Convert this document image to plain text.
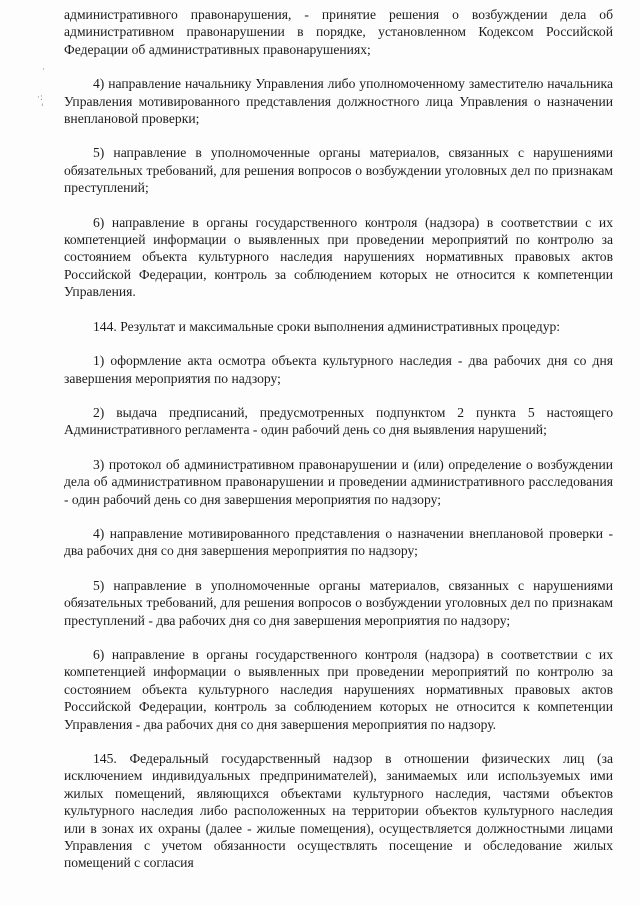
·
·:
'

административного правонарушения, - принятие решения о возбуждении дела об административном правонарушении в порядке, установленном Кодексом Российской Федерации об административных правонарушениях;

4) направление начальнику Управления либо уполномоченному заместителю начальника Управления мотивированного представления должностного лица Управления о назначении внеплановой проверки;

5) направление в уполномоченные органы материалов, связанных с нарушениями обязательных требований, для решения вопросов о возбуждении уголовных дел по признакам преступлений;

6) направление в органы государственного контроля (надзора) в соответствии с их компетенцией информации о выявленных при проведении мероприятий по контролю за состоянием объекта культурного наследия нарушениях нормативных правовых актов Российской Федерации, контроль за соблюдением которых не относится к компетенции Управления.

144. Результат и максимальные сроки выполнения административных процедур:

1) оформление акта осмотра объекта культурного наследия - два рабочих дня со дня завершения мероприятия по надзору;

2) выдача предписаний, предусмотренных подпунктом 2 пункта 5 настоящего Административного регламента - один рабочий день со дня выявления нарушений;

3) протокол об административном правонарушении и (или) определение о возбуждении дела об административном правонарушении и проведении административного расследования - один рабочий день со дня завершения мероприятия по надзору;

4) направление мотивированного представления о назначении внеплановой проверки - два рабочих дня со дня завершения мероприятия по надзору;

5) направление в уполномоченные органы материалов, связанных с нарушениями обязательных требований, для решения вопросов о возбуждении уголовных дел по признакам преступлений - два рабочих дня со дня завершения мероприятия по надзору;

6) направление в органы государственного контроля (надзора) в соответствии с их компетенцией информации о выявленных при проведении мероприятий по контролю за состоянием объекта культурного наследия нарушениях нормативных правовых актов Российской Федерации, контроль за соблюдением которых не относится к компетенции Управления - два рабочих дня со дня завершения мероприятия по надзору.

145. Федеральный государственный надзор в отношении физических лиц (за исключением индивидуальных предпринимателей), занимаемых или используемых ими жилых помещений, являющихся объектами культурного наследия, частями объектов культурного наследия либо расположенных на территории объектов культурного наследия или в зонах их охраны (далее - жилые помещения), осуществляется должностными лицами Управления с учетом обязанности осуществлять посещение и обследование жилых помещений с согласия
